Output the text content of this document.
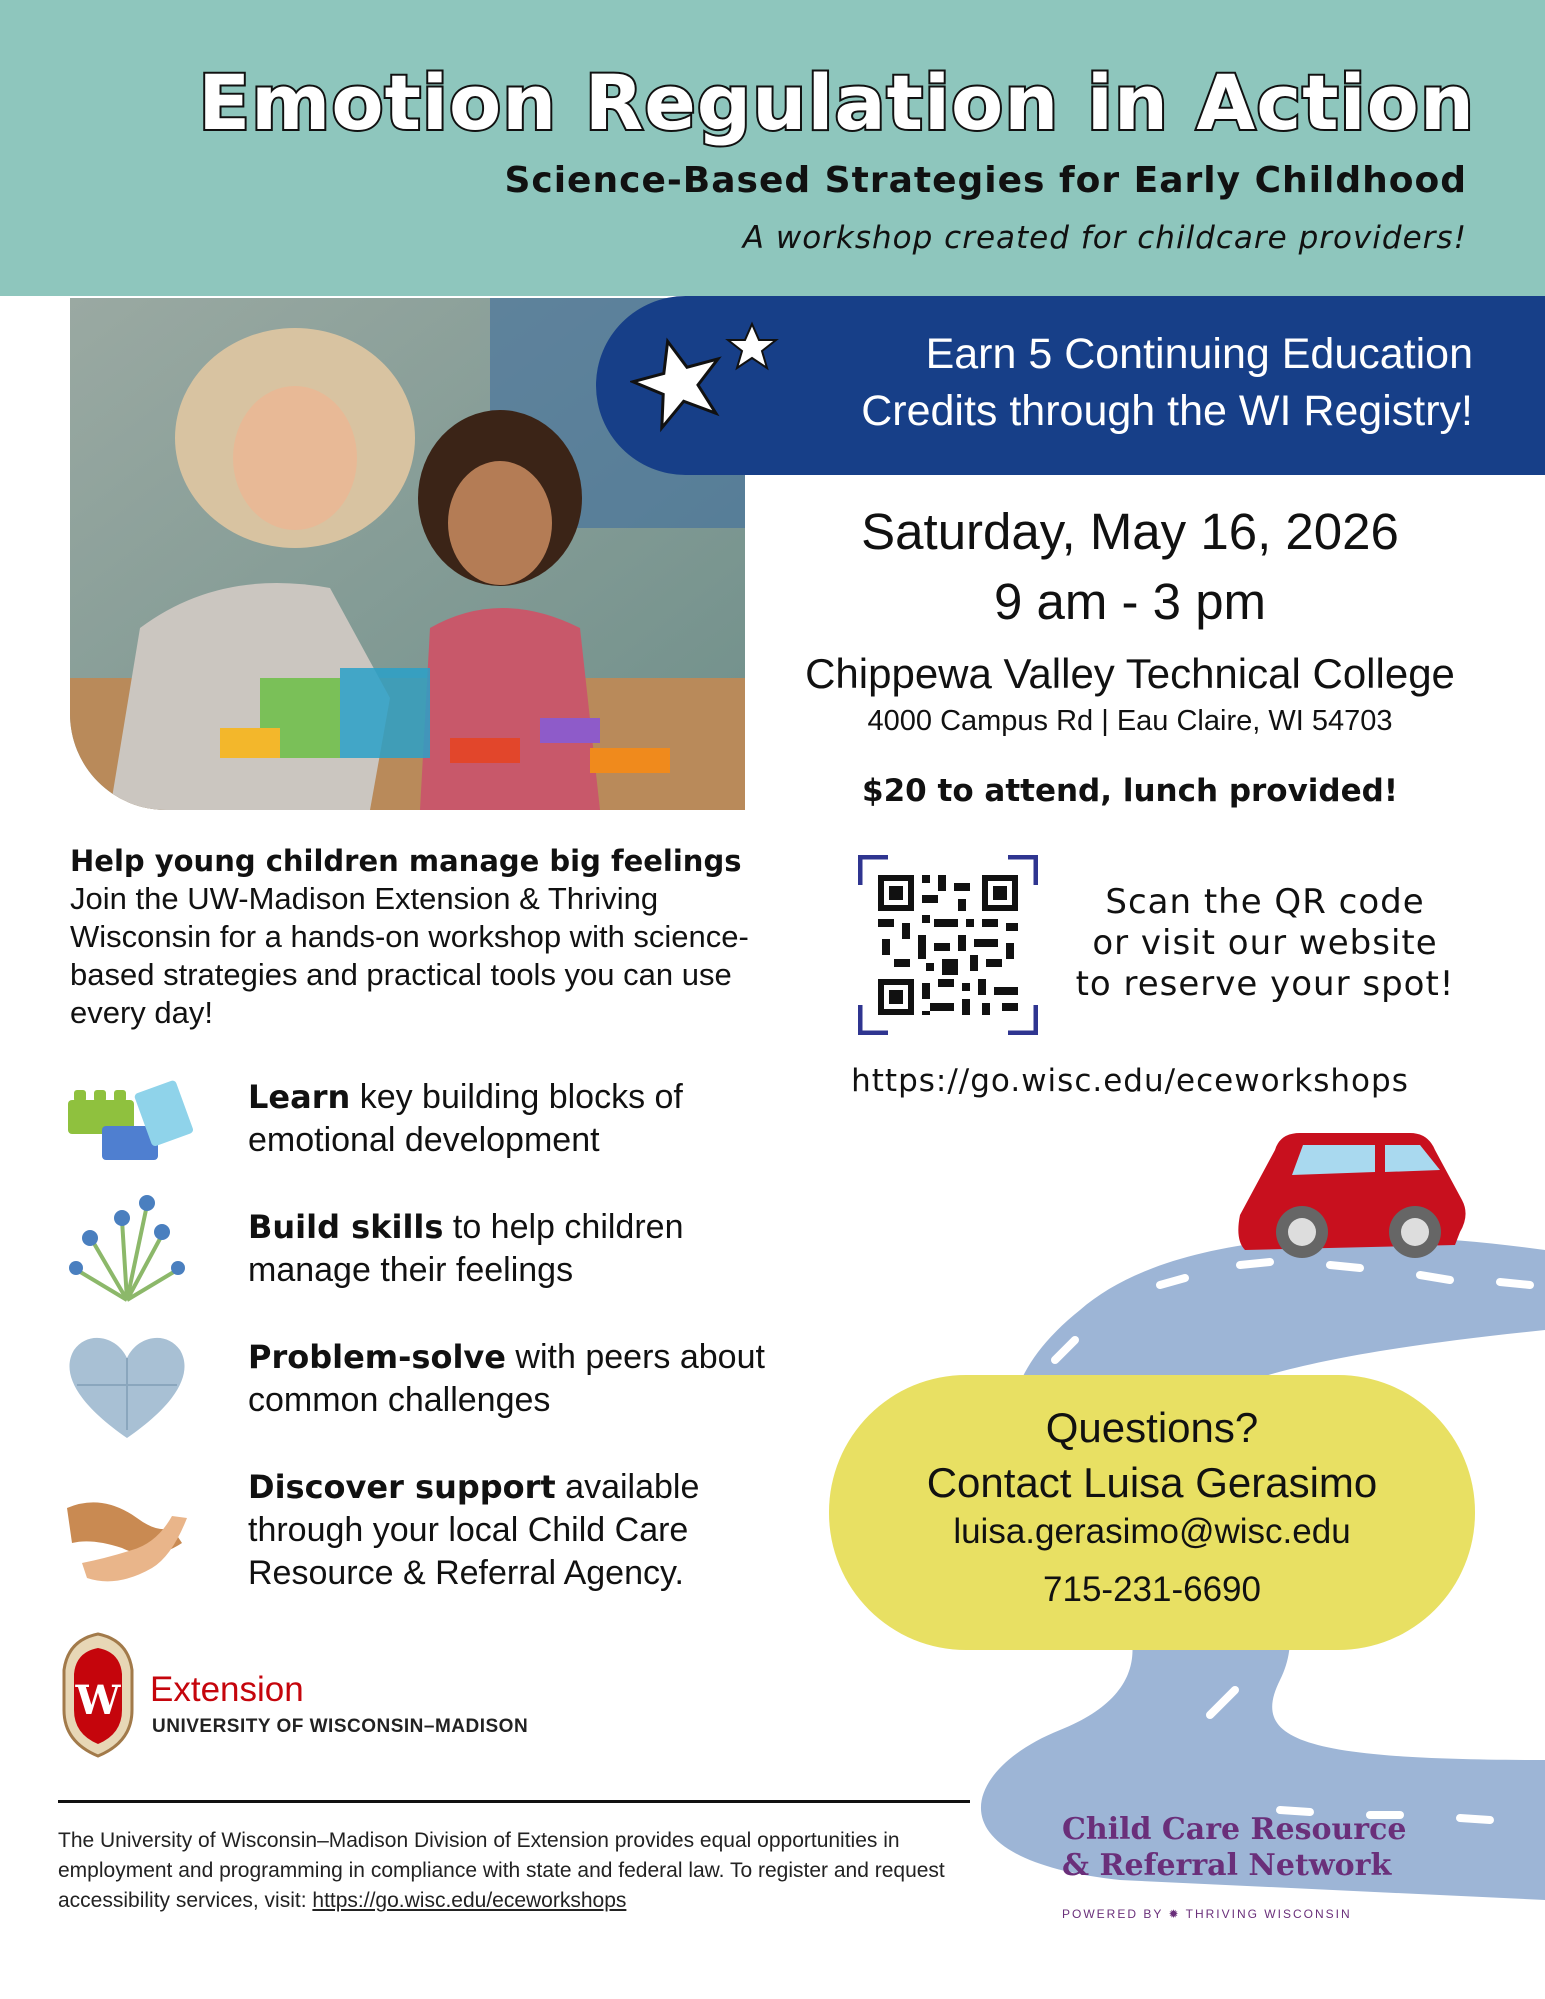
Emotion Regulation in Action
Science-Based Strategies for Early Childhood
A workshop created for childcare providers!
Earn 5 Continuing Education
Credits through the WI Registry!
Saturday, May 16, 2026
9 am - 3 pm
Chippewa Valley Technical College
4000 Campus Rd | Eau Claire, WI 54703
$20 to attend, lunch provided!
Scan the QR code
or visit our website
to reserve your spot!
https://go.wisc.edu/eceworkshops
Help young children manage big feelings
Join the UW-Madison Extension & Thriving Wisconsin for a hands-on workshop with science-based strategies and practical tools you can use every day!
Learn key building blocks of emotional development
Build skills to help children manage their feelings
Problem-solve with peers about common challenges
Discover support available through your local Child Care Resource & Referral Agency.
Questions?
Contact Luisa Gerasimo
luisa.gerasimo@wisc.edu
715-231-6690
W Extension
UNIVERSITY OF WISCONSIN–MADISON
The University of Wisconsin–Madison Division of Extension provides equal opportunities in employment and programming in compliance with state and federal law. To register and request accessibility services, visit: https://go.wisc.edu/eceworkshops
Child Care Resource
& Referral Network
POWERED BY ✹ THRIVING WISCONSIN
